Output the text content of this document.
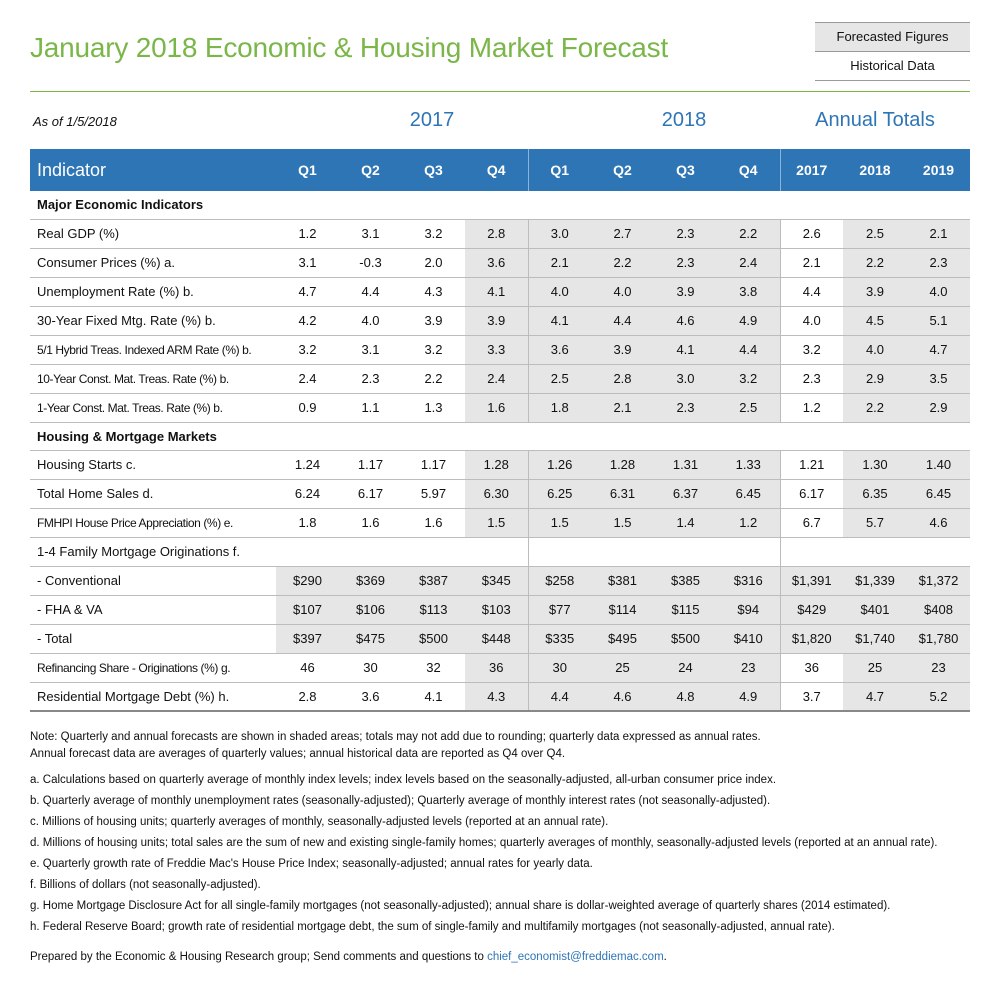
January 2018 Economic & Housing Market Forecast	Forecasted Figures
Historical Data
As of 1/5/2018	2017	2018	Annual Totals
Indicator	Q1	Q2	Q3	Q4	Q1	Q2	Q3	Q4	2017	2018	2019
Major Economic Indicators											
Real GDP (%)	1.2	3.1	3.2	2.8	3.0	2.7	2.3	2.2	2.6	2.5	2.1
Consumer Prices (%) a.	3.1	-0.3	2.0	3.6	2.1	2.2	2.3	2.4	2.1	2.2	2.3
Unemployment Rate (%) b.	4.7	4.4	4.3	4.1	4.0	4.0	3.9	3.8	4.4	3.9	4.0
30-Year Fixed Mtg. Rate (%) b.	4.2	4.0	3.9	3.9	4.1	4.4	4.6	4.9	4.0	4.5	5.1
5/1 Hybrid Treas. Indexed ARM Rate (%) b.	3.2	3.1	3.2	3.3	3.6	3.9	4.1	4.4	3.2	4.0	4.7
10-Year Const. Mat. Treas. Rate (%) b.	2.4	2.3	2.2	2.4	2.5	2.8	3.0	3.2	2.3	2.9	3.5
1-Year Const. Mat. Treas. Rate (%) b.	0.9	1.1	1.3	1.6	1.8	2.1	2.3	2.5	1.2	2.2	2.9
Housing & Mortgage Markets											
Housing Starts c.	1.24	1.17	1.17	1.28	1.26	1.28	1.31	1.33	1.21	1.30	1.40
Total Home Sales d.	6.24	6.17	5.97	6.30	6.25	6.31	6.37	6.45	6.17	6.35	6.45
FMHPI House Price Appreciation (%) e.	1.8	1.6	1.6	1.5	1.5	1.5	1.4	1.2	6.7	5.7	4.6
1-4 Family Mortgage Originations f.											
- Conventional	$290	$369	$387	$345	$258	$381	$385	$316	$1,391	$1,339	$1,372
- FHA & VA	$107	$106	$113	$103	$77	$114	$115	$94	$429	$401	$408
- Total	$397	$475	$500	$448	$335	$495	$500	$410	$1,820	$1,740	$1,780
Refinancing Share - Originations (%) g.	46	30	32	36	30	25	24	23	36	25	23
Residential Mortgage Debt (%) h.	2.8	3.6	4.1	4.3	4.4	4.6	4.8	4.9	3.7	4.7	5.2

Note: Quarterly and annual forecasts are shown in shaded areas; totals may not add due to rounding; quarterly data expressed as annual rates.

Annual forecast data are averages of quarterly values; annual historical data are reported as Q4 over Q4.

a. Calculations based on quarterly average of monthly index levels; index levels based on the seasonally-adjusted, all-urban consumer price index.

b. Quarterly average of monthly unemployment rates (seasonally-adjusted); Quarterly average of monthly interest rates (not seasonally-adjusted).

c. Millions of housing units; quarterly averages of monthly, seasonally-adjusted levels (reported at an annual rate).

d. Millions of housing units; total sales are the sum of new and existing single-family homes; quarterly averages of monthly, seasonally-adjusted levels (reported at an annual rate).

e. Quarterly growth rate of Freddie Mac's House Price Index; seasonally-adjusted; annual rates for yearly data.

f. Billions of dollars (not seasonally-adjusted).

g. Home Mortgage Disclosure Act for all single-family mortgages (not seasonally-adjusted); annual share is dollar-weighted average of quarterly shares (2014 estimated).

h. Federal Reserve Board; growth rate of residential mortgage debt, the sum of single-family and multifamily mortgages (not seasonally-adjusted, annual rate).

Prepared by the Economic & Housing Research group; Send comments and questions to chief_economist@freddiemac.com.
